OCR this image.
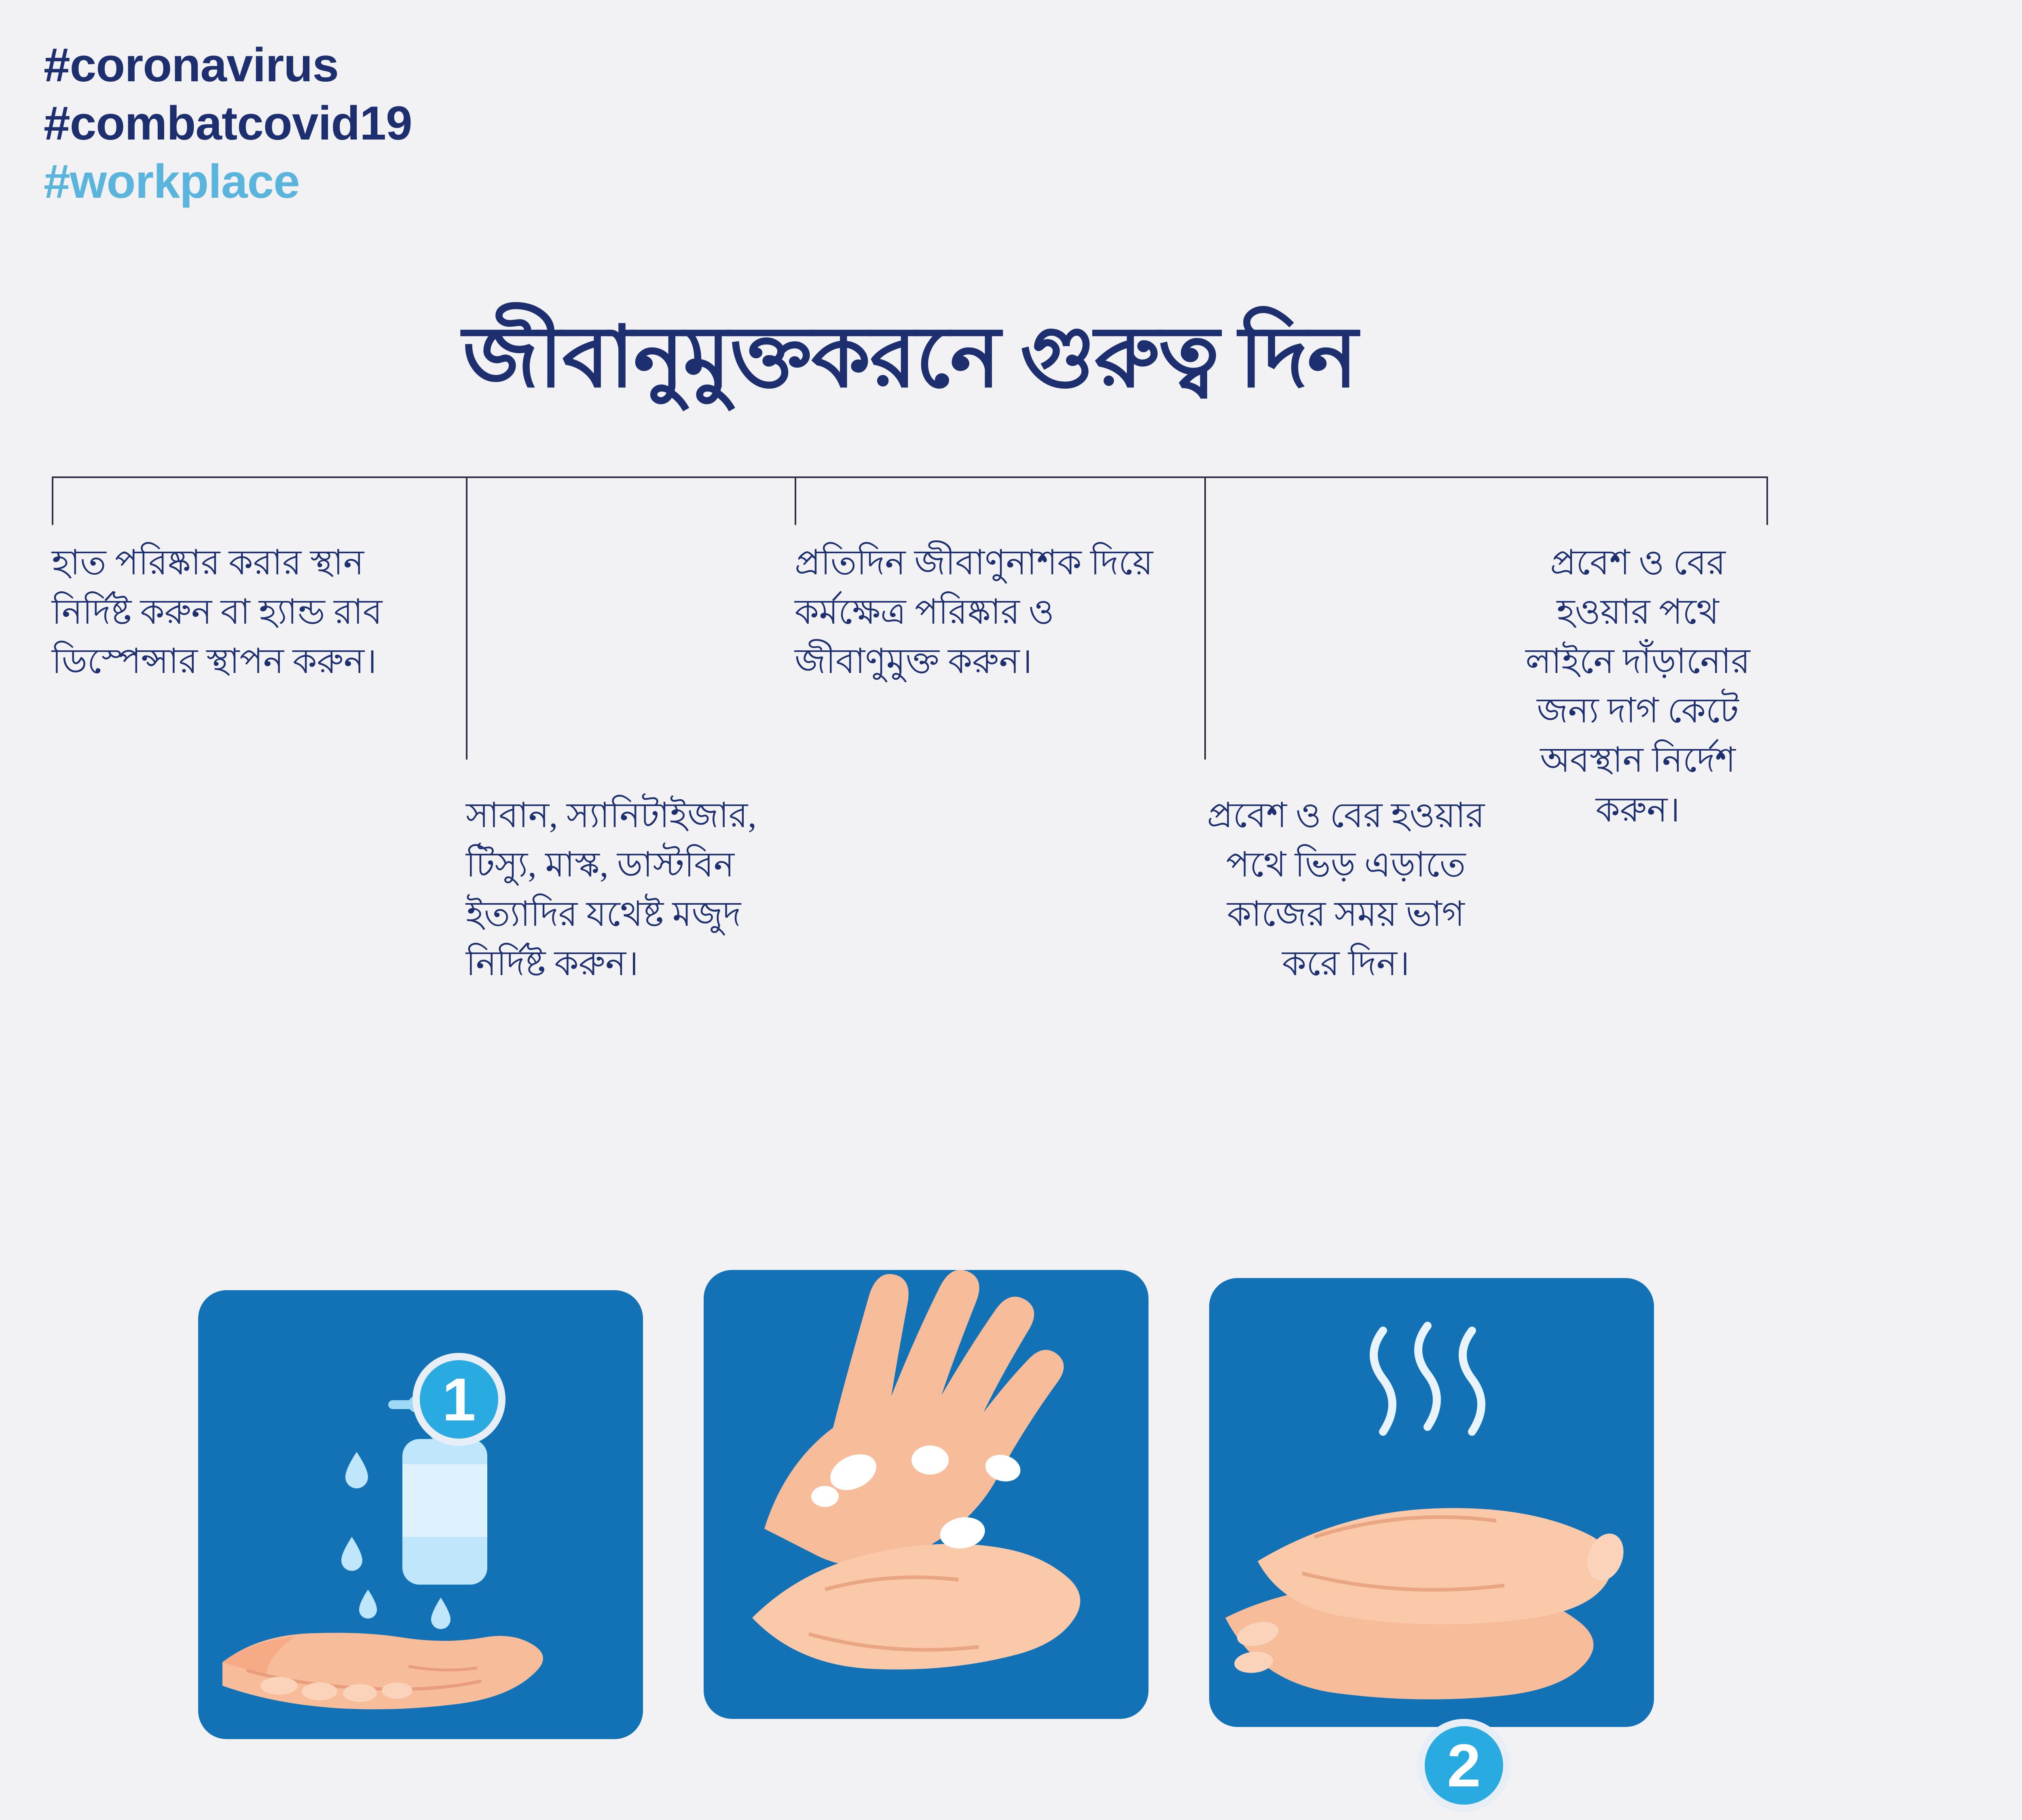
#coronavirus
#combatcovid19
#workplace
জীবানুমুক্তকরনে গুরুত্ব দিন
হাত পরিষ্কার করার স্থান নির্দিষ্ট করুন বা হ্যান্ড রাব ডিস্পেন্সার স্থাপন করুন।
সাবান, স্যানিটাইজার, টিস্যু, মাস্ক, ডাস্টবিন ইত্যাদির যথেষ্ট মজুদ নির্দিষ্ট করুন।
প্রতিদিন জীবাণুনাশক দিয়ে কর্মক্ষেত্র পরিষ্কার ও জীবাণুমুক্ত করুন।
প্রবেশ ও বের হওয়ার পথে ভিড় এড়াতে কাজের সময় ভাগ করে দিন।
প্রবেশ ও বের হওয়ার পথে লাইনে দাঁড়ানোর জন্য দাগ কেটে অবস্থান নির্দেশ করুন।
1
2
